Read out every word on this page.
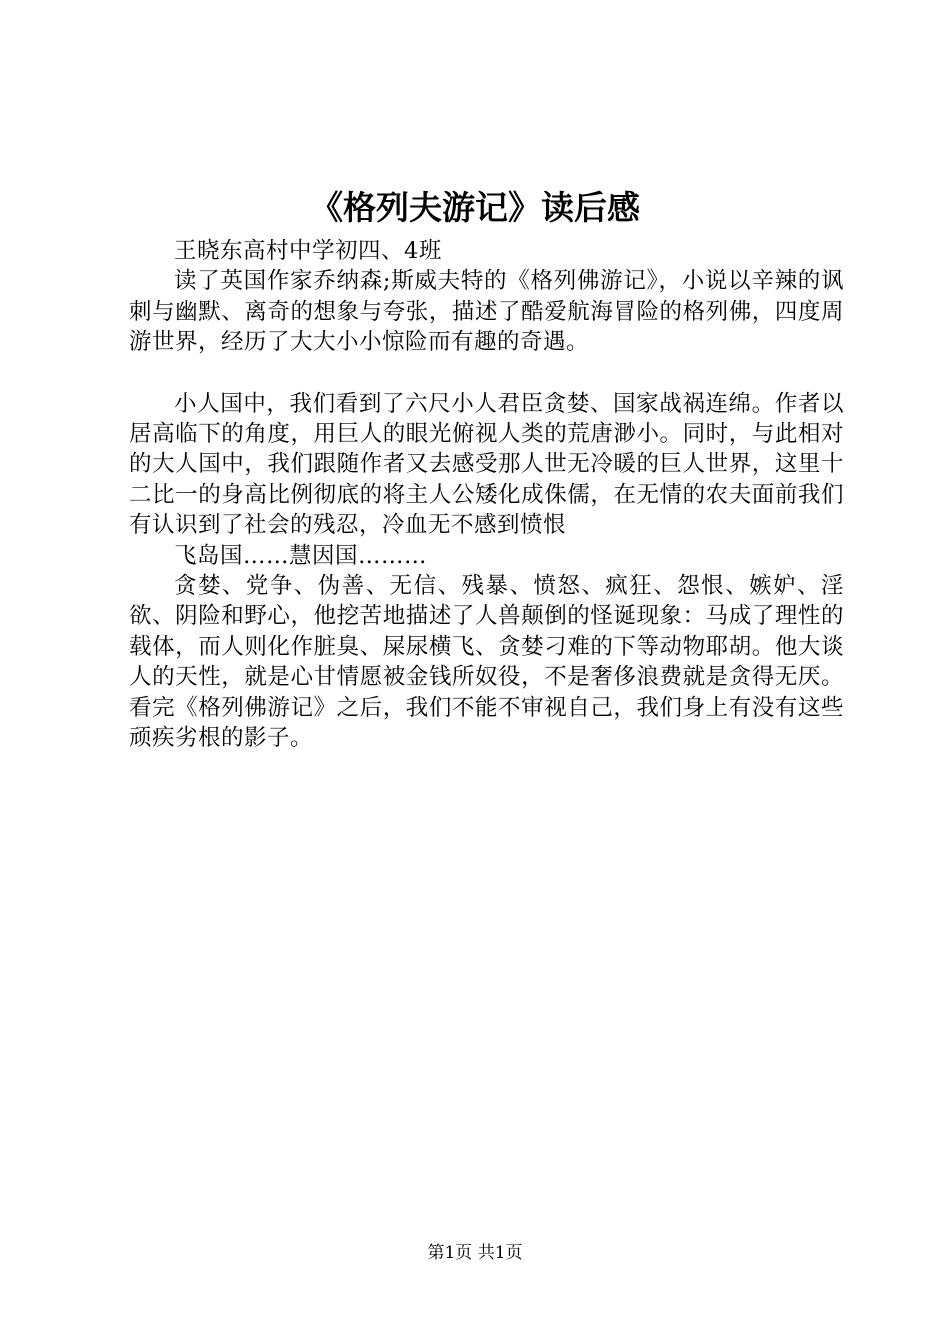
《格列夫游记》读后感

王晓东高村中学初四、4班

读了英国作家乔纳森;斯威夫特的《格列佛游记》，小说以辛辣的讽刺与幽默、离奇的想象与夸张，描述了酷爱航海冒险的格列佛，四度周游世界，经历了大大小小惊险而有趣的奇遇。

小人国中，我们看到了六尺小人君臣贪婪、国家战祸连绵。作者以居高临下的角度，用巨人的眼光俯视人类的荒唐渺小。同时，与此相对的大人国中，我们跟随作者又去感受那人世无冷暖的巨人世界，这里十二比一的身高比例彻底的将主人公矮化成侏儒，在无情的农夫面前我们有认识到了社会的残忍，冷血无不感到愤恨

飞岛国……慧因国………

贪婪、党争、伪善、无信、残暴、愤怒、疯狂、怨恨、嫉妒、淫欲、阴险和野心，他挖苦地描述了人兽颠倒的怪诞现象：马成了理性的载体，而人则化作脏臭、屎尿横飞、贪婪刁难的下等动物耶胡。他大谈人的天性，就是心甘情愿被金钱所奴役，不是奢侈浪费就是贪得无厌。看完《格列佛游记》之后，我们不能不审视自己，我们身上有没有这些顽疾劣根的影子。

第1页 共1页
